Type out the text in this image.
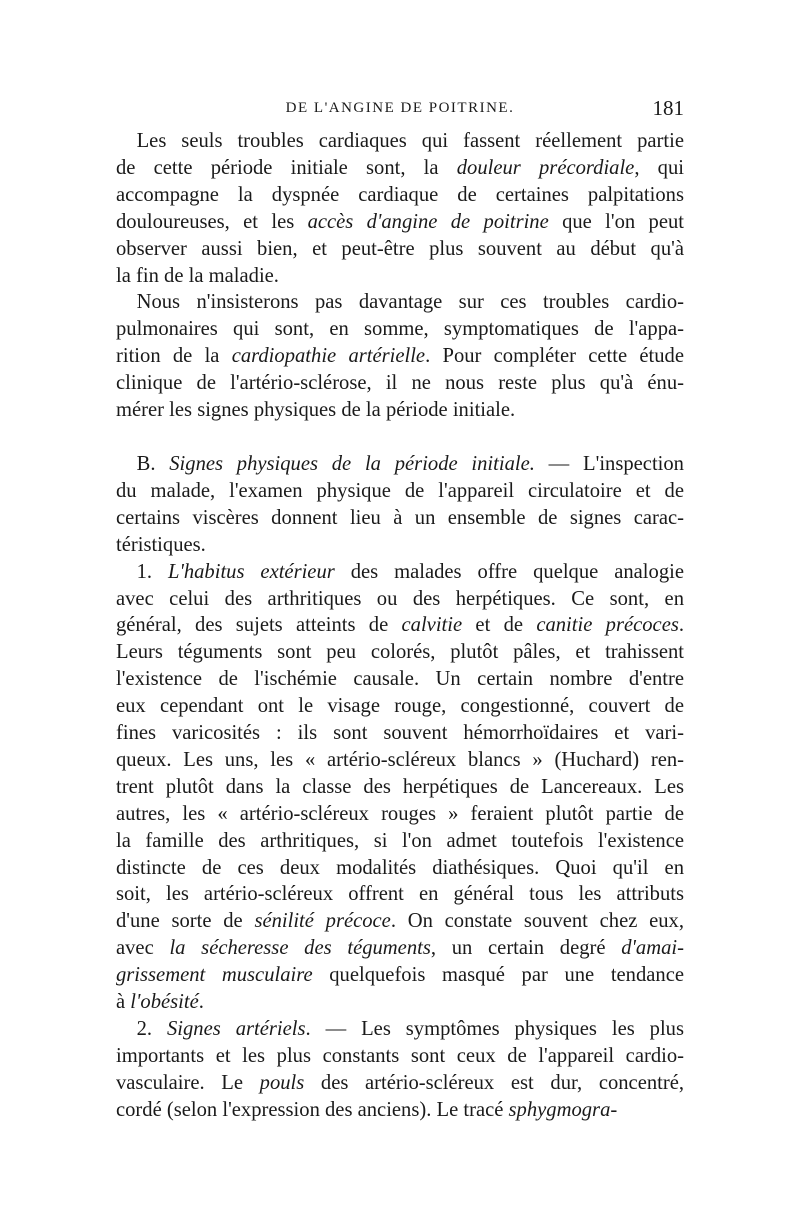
DE L'ANGINE DE POITRINE.	181
 Les seuls troubles cardiaques qui fassent réellement partie
de cette période initiale sont, la douleur précordiale, qui
accompagne la dyspnée cardiaque de certaines palpitations
douloureuses, et les accès d'angine de poitrine que l'on peut
observer aussi bien, et peut-être plus souvent au début qu'à
la fin de la maladie.
 Nous n'insisterons pas davantage sur ces troubles cardio-
pulmonaires qui sont, en somme, symptomatiques de l'appa-
rition de la cardiopathie artérielle. Pour compléter cette étude
clinique de l'artério-sclérose, il ne nous reste plus qu'à énu-
mérer les signes physiques de la période initiale.
 B. Signes physiques de la période initiale. — L'inspection
du malade, l'examen physique de l'appareil circulatoire et de
certains viscères donnent lieu à un ensemble de signes carac-
téristiques.
 1. L'habitus extérieur des malades offre quelque analogie
avec celui des arthritiques ou des herpétiques. Ce sont, en
général, des sujets atteints de calvitie et de canitie précoces.
Leurs téguments sont peu colorés, plutôt pâles, et trahissent
l'existence de l'ischémie causale. Un certain nombre d'entre
eux cependant ont le visage rouge, congestionné, couvert de
fines varicosités : ils sont souvent hémorrhoïdaires et vari-
queux. Les uns, les « artério-scléreux blancs » (Huchard) ren-
trent plutôt dans la classe des herpétiques de Lancereaux. Les
autres, les « artério-scléreux rouges » feraient plutôt partie de
la famille des arthritiques, si l'on admet toutefois l'existence
distincte de ces deux modalités diathésiques. Quoi qu'il en
soit, les artério-scléreux offrent en général tous les attributs
d'une sorte de sénilité précoce. On constate souvent chez eux,
avec la sécheresse des téguments, un certain degré d'amai-
grissement musculaire quelquefois masqué par une tendance
à l'obésité.
 2. Signes artériels. — Les symptômes physiques les plus
importants et les plus constants sont ceux de l'appareil cardio-
vasculaire. Le pouls des artério-scléreux est dur, concentré,
cordé (selon l'expression des anciens). Le tracé sphygmogra-
